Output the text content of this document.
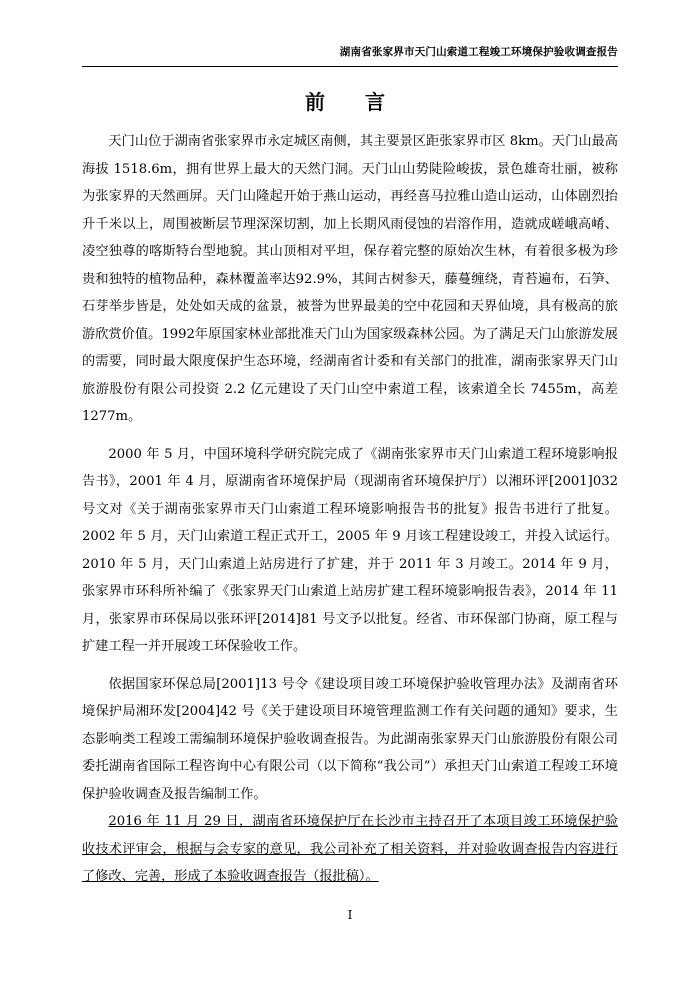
湖南省张家界市天门山索道工程竣工环境保护验收调查报告
前　言

天门山位于湖南省张家界市永定城区南侧，其主要景区距张家界市区 8km。天门山最高海拔 1518.6m，拥有世界上最大的天然门洞。天门山山势陡险峻拔，景色雄奇壮丽，被称为张家界的天然画屏。天门山隆起开始于燕山运动，再经喜马拉雅山造山运动，山体剧烈抬升千米以上，周围被断层节理深深切割，加上长期风雨侵蚀的岩溶作用，造就成嵯峨高崤、凌空独尊的喀斯特台型地貌。其山顶相对平坦，保存着完整的原始次生林，有着很多极为珍贵和独特的植物品种，森林覆盖率达92.9%，其间古树参天，藤蔓缠绕，青苔遍布，石笋、石芽举步皆是，处处如天成的盆景，被誉为世界最美的空中花园和天界仙境，具有极高的旅游欣赏价值。1992年原国家林业部批准天门山为国家级森林公园。为了满足天门山旅游发展的需要，同时最大限度保护生态环境，经湖南省计委和有关部门的批准，湖南张家界天门山旅游股份有限公司投资 2.2 亿元建设了天门山空中索道工程，该索道全长 7455m，高差1277m。

2000 年 5 月，中国环境科学研究院完成了《湖南张家界市天门山索道工程环境影响报告书》，2001 年 4 月，原湖南省环境保护局（现湖南省环境保护厅）以湘环评[2001]032 号文对《关于湖南张家界市天门山索道工程环境影响报告书的批复》报告书进行了批复。2002 年 5 月，天门山索道工程正式开工，2005 年 9 月该工程建设竣工，并投入试运行。2010 年 5 月，天门山索道上站房进行了扩建，并于 2011 年 3 月竣工。2014 年 9 月，张家界市环科所补编了《张家界天门山索道上站房扩建工程环境影响报告表》，2014 年 11 月，张家界市环保局以张环评[2014]81 号文予以批复。经省、市环保部门协商，原工程与扩建工程一并开展竣工环保验收工作。

依据国家环保总局[2001]13 号令《建设项目竣工环境保护验收管理办法》及湖南省环境保护局湘环发[2004]42 号《关于建设项目环境管理监测工作有关问题的通知》要求，生态影响类工程竣工需编制环境保护验收调查报告。为此湖南张家界天门山旅游股份有限公司委托湖南省国际工程咨询中心有限公司（以下简称“我公司”）承担天门山索道工程竣工环境保护验收调查及报告编制工作。

2016 年 11 月 29 日，湖南省环境保护厅在长沙市主持召开了本项目竣工环境保护验收技术评审会，根据与会专家的意见，我公司补充了相关资料，并对验收调查报告内容进行了修改、完善，形成了本验收调查报告（报批稿）。

I
